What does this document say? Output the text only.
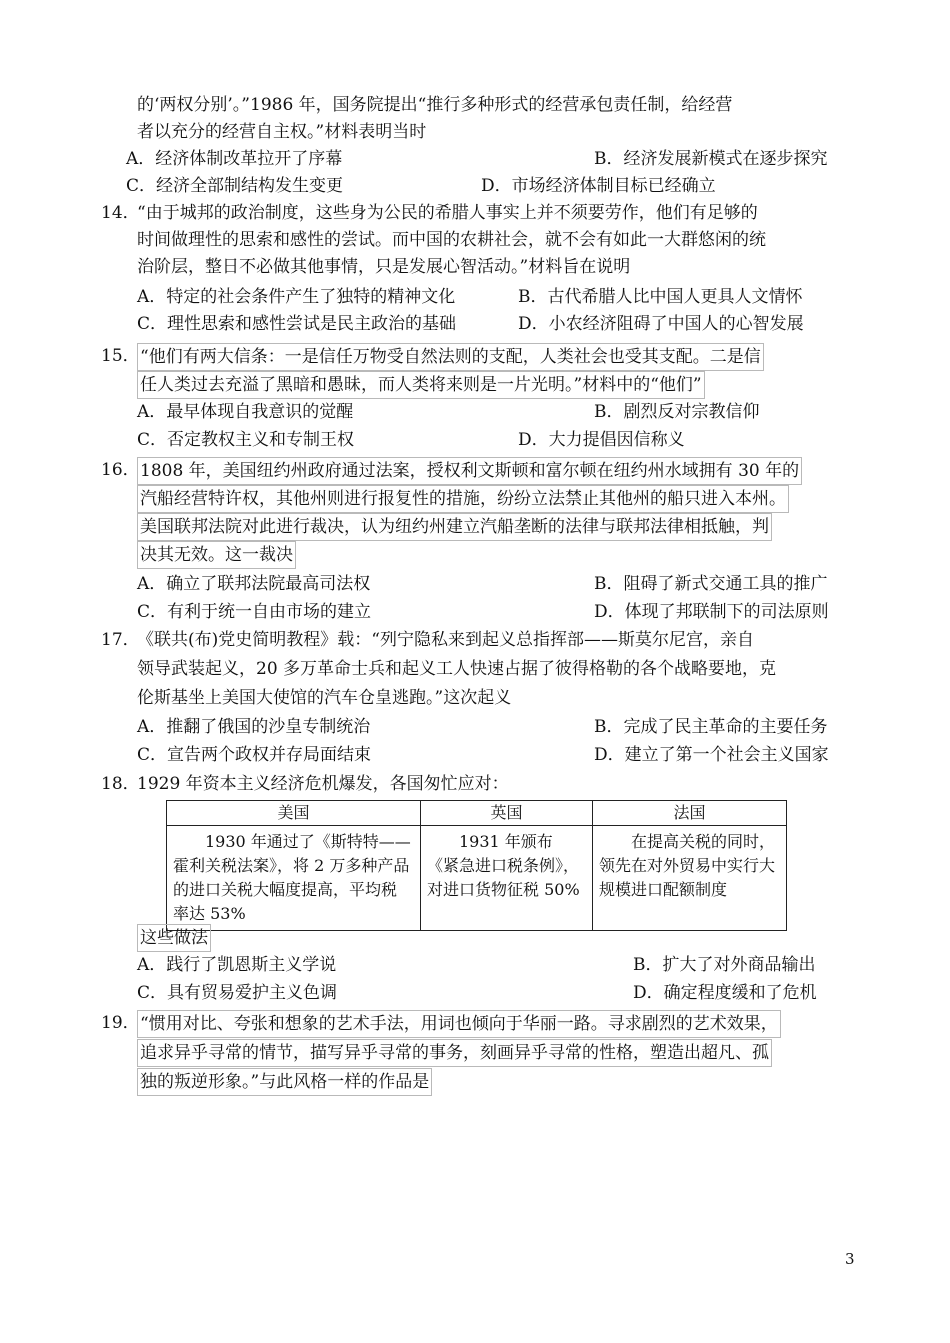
的‘两权分别’。”1986 年，国务院提出“推行多种形式的经营承包责任制，给经营
者以充分的经营自主权。”材料表明当时
A．经济体制改革拉开了序幕	B．经济发展新模式在逐步探究
C．经济全部制结构发生变更	D．市场经济体制目标已经确立
14．
“由于城邦的政治制度，这些身为公民的希腊人事实上并不须要劳作，他们有足够的
时间做理性的思索和感性的尝试。而中国的农耕社会，就不会有如此一大群悠闲的统
治阶层，整日不必做其他事情，只是发展心智活动。”材料旨在说明
A．特定的社会条件产生了独特的精神文化	B．古代希腊人比中国人更具人文情怀
C．理性思索和感性尝试是民主政治的基础	D．小农经济阻碍了中国人的心智发展
15． “他们有两大信条：一是信任万物受自然法则的支配，人类社会也受其支配。二是信
任人类过去充溢了黑暗和愚昧，而人类将来则是一片光明。”材料中的“他们”
A．最早体现自我意识的觉醒	B．剧烈反对宗教信仰
C．否定教权主义和专制王权	D．大力提倡因信称义
16． 1808 年，美国纽约州政府通过法案，授权利文斯顿和富尔顿在纽约州水域拥有 30 年的
汽船经营特许权，其他州则进行报复性的措施，纷纷立法禁止其他州的船只进入本州。
美国联邦法院对此进行裁决，认为纽约州建立汽船垄断的法律与联邦法律相抵触，判
决其无效。这一裁决
A．确立了联邦法院最高司法权	B．阻碍了新式交通工具的推广
C．有利于统一自由市场的建立	D．体现了邦联制下的司法原则
17．
《联共(布)党史简明教程》载：“列宁隐私来到起义总指挥部——斯莫尔尼宫，亲自
领导武装起义，20 多万革命士兵和起义工人快速占据了彼得格勒的各个战略要地，克
伦斯基坐上美国大使馆的汽车仓皇逃跑。”这次起义
A．推翻了俄国的沙皇专制统治	B．完成了民主革命的主要任务
C．宣告两个政权并存局面结束	D．建立了第一个社会主义国家
18．
1929 年资本主义经济危机爆发，各国匆忙应对：
美国	英国	法国
1930 年通过了《斯特特——霍利关税法案》，将 2 万多种产品的进口关税大幅度提高，平均税率达 53%	1931 年颁布《紧急进口税条例》，对进口货物征税 50%	在提高关税的同时，领先在对外贸易中实行大规模进口配额制度
这些做法
A．践行了凯恩斯主义学说	B．扩大了对外商品输出
C．具有贸易爱护主义色调	D．确定程度缓和了危机
19． “惯用对比、夸张和想象的艺术手法，用词也倾向于华丽一路。寻求剧烈的艺术效果，
追求异乎寻常的情节，描写异乎寻常的事务，刻画异乎寻常的性格，塑造出超凡、孤
独的叛逆形象。”与此风格一样的作品是
3
